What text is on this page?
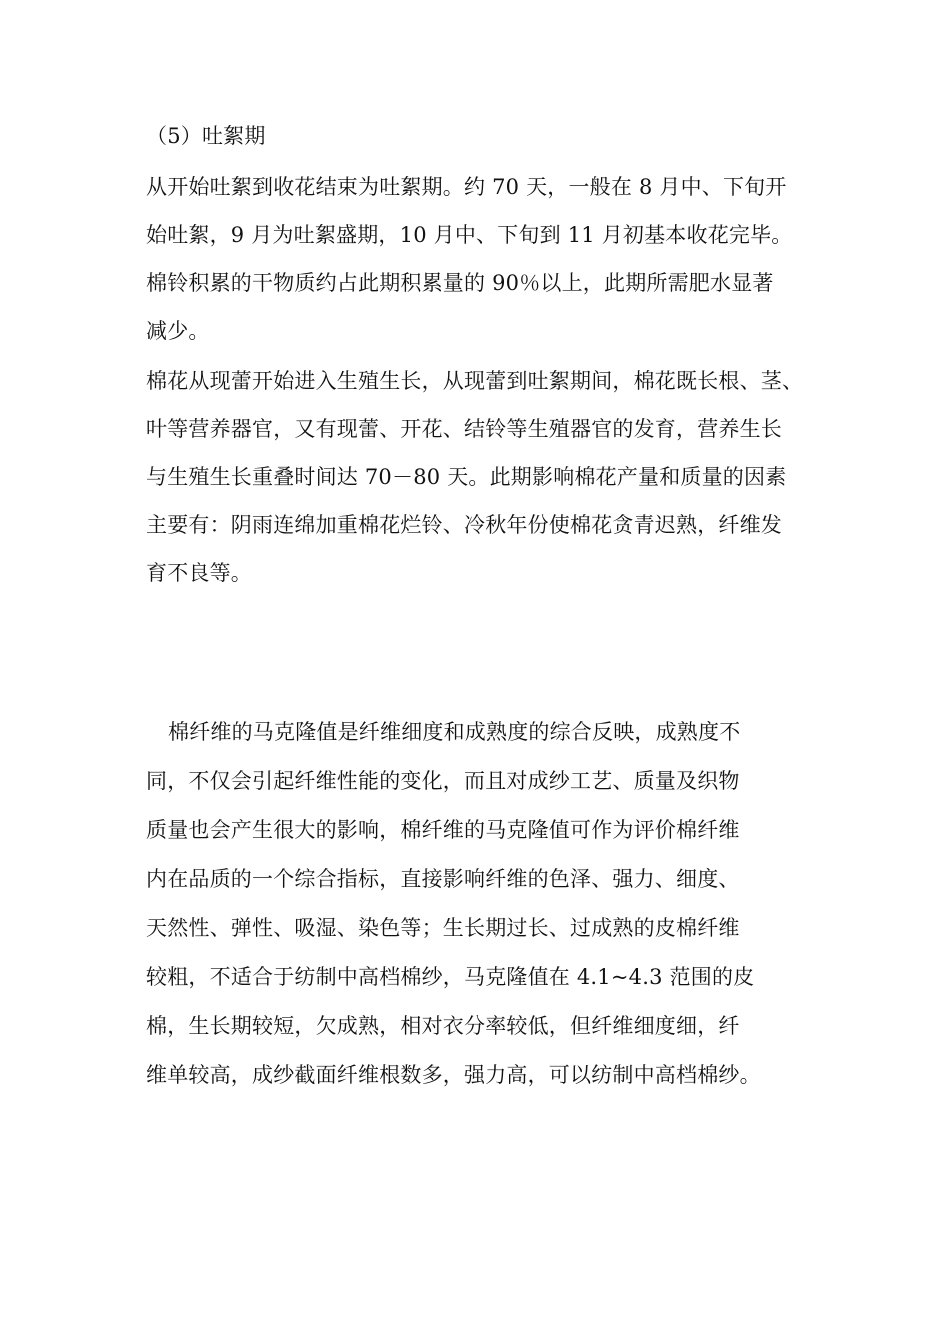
（5）吐絮期
从开始吐絮到收花结束为吐絮期。约 70 天，一般在 8 月中、下旬开
始吐絮，9 月为吐絮盛期，10 月中、下旬到 11 月初基本收花完毕。
棉铃积累的干物质约占此期积累量的 90％以上，此期所需肥水显著
减少。
棉花从现蕾开始进入生殖生长，从现蕾到吐絮期间，棉花既长根、茎、
叶等营养器官，又有现蕾、开花、结铃等生殖器官的发育，营养生长
与生殖生长重叠时间达 70－80 天。此期影响棉花产量和质量的因素
主要有：阴雨连绵加重棉花烂铃、冷秋年份使棉花贪青迟熟，纤维发
育不良等。
棉纤维的马克隆值是纤维细度和成熟度的综合反映，成熟度不
同，不仅会引起纤维性能的变化，而且对成纱工艺、质量及织物
质量也会产生很大的影响，棉纤维的马克隆值可作为评价棉纤维
内在品质的一个综合指标，直接影响纤维的色泽、强力、细度、
天然性、弹性、吸湿、染色等；生长期过长、过成熟的皮棉纤维
较粗，不适合于纺制中高档棉纱，马克隆值在 4.1~4.3 范围的皮
棉，生长期较短，欠成熟，相对衣分率较低，但纤维细度细，纤
维单较高，成纱截面纤维根数多，强力高，可以纺制中高档棉纱。
